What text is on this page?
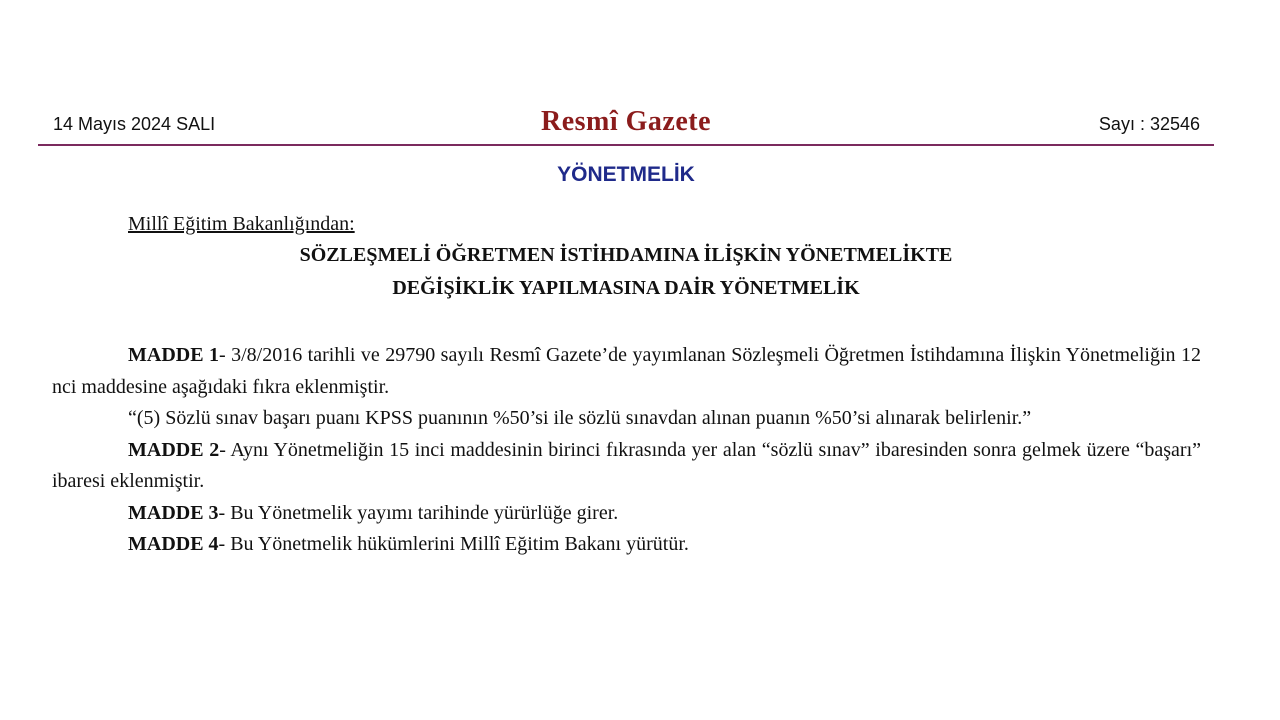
14 Mayıs 2024 SALI	Resmî Gazete	Sayı : 32546
YÖNETMELİK
Millî Eğitim Bakanlığından:
SÖZLEŞMELİ ÖĞRETMEN İSTİHDAMINA İLİŞKİN YÖNETMELİKTE
DEĞİŞİKLİK YAPILMASINA DAİR YÖNETMELİK

MADDE 1- 3/8/2016 tarihli ve 29790 sayılı Resmî Gazete’de yayımlanan Sözleşmeli Öğretmen İstihdamına İlişkin Yönetmeliğin 12 nci maddesine aşağıdaki fıkra eklenmiştir.

“(5) Sözlü sınav başarı puanı KPSS puanının %50’si ile sözlü sınavdan alınan puanın %50’si alınarak belirlenir.”

MADDE 2- Aynı Yönetmeliğin 15 inci maddesinin birinci fıkrasında yer alan “sözlü sınav” ibaresinden sonra gelmek üzere “başarı” ibaresi eklenmiştir.

MADDE 3- Bu Yönetmelik yayımı tarihinde yürürlüğe girer.

MADDE 4- Bu Yönetmelik hükümlerini Millî Eğitim Bakanı yürütür.
